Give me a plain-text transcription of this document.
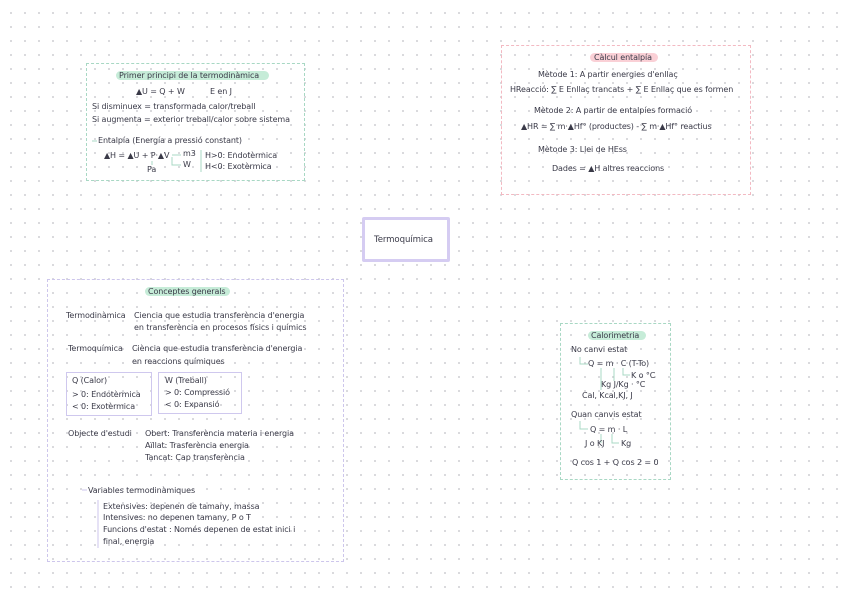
Termoquímica
Primer principi de la termodinàmica
▲U = Q + W	E en J
Si disminuex = transformada calor/treball
Si augmenta = exterior treball/calor sobre sistema
Entalpía (Energía a pressió constant)
▲H = ▲U + P·▲V m3
W
Pa
H>0: Endotèrmica
H<0: Exotèrmica
Càlcul entalpía
Mètode 1: A partir energies d'enllaç
HReacció: ∑ E Enllaç trancats + ∑ E Enllaç que es formen
Mètode 2: A partir de entalpíes formació
▲HR = ∑ m·▲Hf° (productes) - ∑ m·▲Hf° reactius
Mètode 3: Llei de HEss
Dades = ▲H altres reaccions
Conceptes generals
Termodinàmica Ciencia que estudia transferència d'energia
en transferència en procesos físics i químics
Termoquímica Ciència que estudia transferència d'energia
en reaccions químiques
Q (Calor)
> 0: Endotèrmica
< 0: Exotèrmica
W (Treball)
> 0: Compressió
< 0: Expansió
Objecte d'estudi Obert: Transferència materia i energia
Aïllat: Trasferència energia
Tancat: Cap transferència
Variables termodinàmiques
Extensives: depenen de tamany, massa
Intensives: no depenen tamany, P o T
Funcions d'estat : Només depenen de estat inici i
final, energia
Calorimetria
No canvi estat
Q = m · C (T-To)
K o °C
Kg J/Kg · °C
Cal, Kcal,KJ, J
Quan canvis estat
Q = m · L
J o KJ Kg
Q cos 1 + Q cos 2 = 0
